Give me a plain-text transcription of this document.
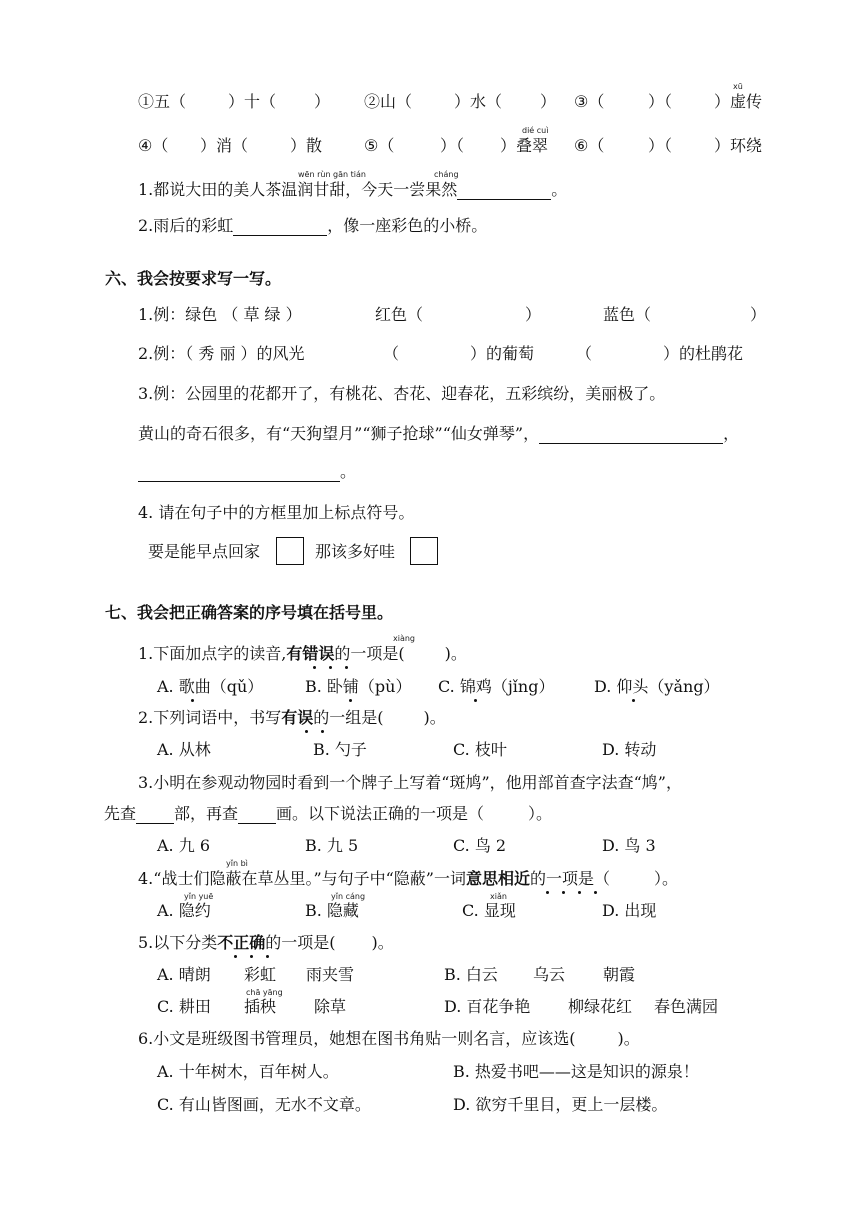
①五（	）十（ ） ②山（	）水（ ） ③（	）（	）虚传
xū
④（ ）消（	）散	⑤（	）（ ）叠翠 ⑥（	）（	）环绕
dié cuì
wēn rùn gān tián	cháng
1.都说大田的美人茶温润甘甜，今天一尝果然	。
2.雨后的彩虹	，像一座彩色的小桥。
六、我会按要求写一写。
1.例：绿色 （ 草 绿 ）	红色（	）	蓝色（	）
2.例：（ 秀 丽 ）的风光	（	）的葡萄	（	）的杜鹃花
3.例：公园里的花都开了，有桃花、杏花、迎春花，五彩缤纷，美丽极了。
黄山的奇石很多，有“天狗望月”“狮子抢球”“仙女弹琴”，	，
。
4. 请在句子中的方框里加上标点符号。
要是能早点回家	那该多好哇
七、我会把正确答案的序号填在括号里。
xiàng
1.下面加点字的读音,有错误的一项是(	)。
A. 歌曲（qǔ）	B. 卧铺（pù） C. 锦鸡（jǐng） D. 仰头（yǎng）
2.下列词语中，书写有误的一组是(	)。
A. 从林	B. 勺子	C. 枝叶	D. 转动
3.小明在参观动物园时看到一个牌子上写着“斑鸠”，他用部首查字法查“鸠”，
先查 部，再查 画。以下说法正确的一项是（	）。
A. 九 6	B. 九 5	C. 鸟 2	D. 鸟 3
yǐn bì
4.“战士们隐蔽在草丛里。”与句子中“隐蔽”一词意思相近的一项是（	）。
yǐn yuē	yǐn cáng	xiǎn
A. 隐约	B. 隐藏	C. 显现	D. 出现
5.以下分类不正确的一项是( )。
A. 晴朗 彩虹 雨夹雪	B. 白云 乌云 朝霞
chā yāng
C. 耕田 插秧 除草	D. 百花争艳 柳绿花红 春色满园
6.小文是班级图书管理员，她想在图书角贴一则名言，应该选(	)。
A. 十年树木，百年树人。	B. 热爱书吧——这是知识的源泉！
C. 有山皆图画，无水不文章。	D. 欲穷千里目，更上一层楼。
